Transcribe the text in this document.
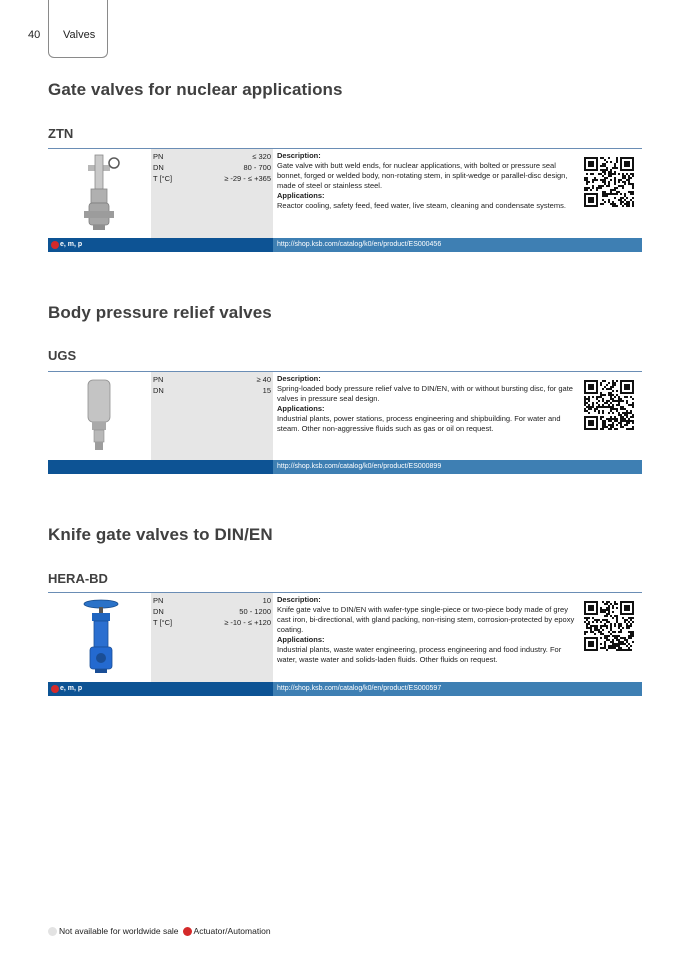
40 Valves
Gate valves for nuclear applications
ZTN
PN	≤ 320
DN	80 - 700
T [°C]	≥ -29 - ≤ +365
Description:
Gate valve with butt weld ends, for nuclear applications, with bolted or pressure seal bonnet, forged or welded body, non-rotating stem, in split-wedge or parallel-disc design, made of steel or stainless steel.
Applications:
Reactor cooling, safety feed, feed water, live steam, cleaning and condensate systems.
e, m, p	http://shop.ksb.com/catalog/k0/en/product/ES000456
Body pressure relief valves
UGS
PN	≥ 40
DN	15
Description:
Spring-loaded body pressure relief valve to DIN/EN, with or without bursting disc, for gate valves in pressure seal design.
Applications:
Industrial plants, power stations, process engineering and shipbuilding. For water and steam. Other non-aggressive fluids such as gas or oil on request.
http://shop.ksb.com/catalog/k0/en/product/ES000899
Knife gate valves to DIN/EN
HERA-BD
PN	10
DN	50 - 1200
T [°C]	≥ -10 - ≤ +120
Description:
Knife gate valve to DIN/EN with wafer-type single-piece or two-piece body made of grey cast iron, bi-directional, with gland packing, non-rising stem, corrosion-protected by epoxy coating.
Applications:
Industrial plants, waste water engineering, process engineering and food industry. For water, waste water and solids-laden fluids. Other fluids on request.
e, m, p	http://shop.ksb.com/catalog/k0/en/product/ES000597
Not available for worldwide sale Actuator/Automation
